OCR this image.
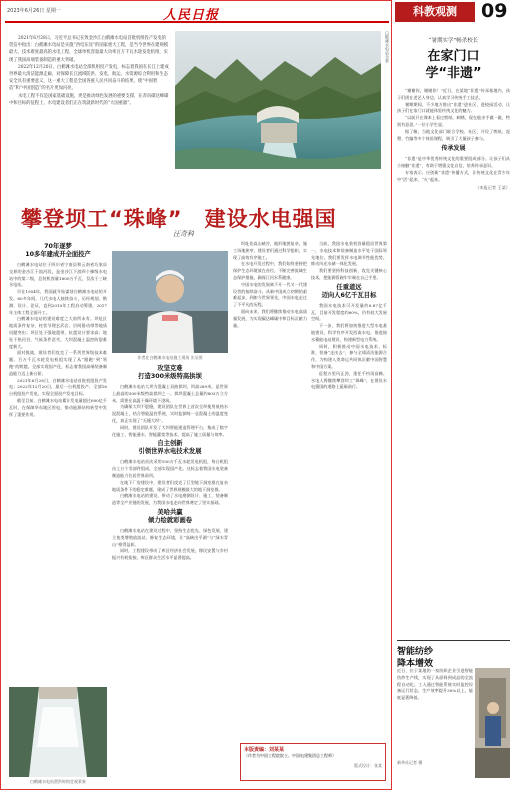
2023年6月26日 星期一	人民日报

2021年6月28日，习近平总书记在致金沙江白鹤滩水电站首批机组投产发电的贺信中指出：白鹤滩水电站是实施“西电东送”的国家重大工程，是当今世界在建规模最大、技术难度最高的水电工程，全球单机容量最大功率百万千瓦水轮发电机组，实现了我国高端装备制造的重大突破。

2022年12月20日，白鹤滩水电站全部机组投产发电，标志着我国在长江上建成世界最大清洁能源走廊，对保障长江流域防洪、发电、航运、水资源综合利用和生态安全具有重要意义，这一重大工程是全国各族人民共同奋斗的结果，使“中国智造”和“中国创造”的名片更加闪亮。

水电工程不仅是国家基础设施，更是推动绿色发展的重要支撑，在奔向碳达峰碳中和目标的征程上，水电建设者们正在筑就新时代的“大国重器”。

白鹤滩水电站全景
攀登坝工“珠峰”　建设水电强国
汪奇科
70年逐梦
10多年建成开全面投产

白鹤滩水电站位于四川省宁南县和云南省巧家县交界的金沙江干流河段，是金沙江下游四个梯级水电站中的第二级，总装机容量1600万千瓦，仅次于三峡水电站。

早在1954年，我国就开始谋划白鹤滩水电站的开发。60多年间，几代水电人接续奋斗，历经规划、勘测、设计、论证，直到2010年工程启动筹建，2017年主体工程全面开工。

白鹤滩水电站的建设难度之大前所未有。坝址区地质条件复杂，柱状节理玄武岩、层间错动带等地质问题突出；坝区处于强地震带，抗震设计要求高；地处干热河谷，气候条件恶劣，大坝混凝土温控防裂难度极大。

面对挑战，建设者们攻克了一系列世界级技术难题。百万千瓦水轮发电机组实现了从“跟跑”到“领跑”的跨越，全部实现国产化，标志着我国高端装备制造能力迈上新台阶。

2021年6月28日，白鹤滩水电站首批机组投产发电；2022年12月20日，最后一台机组投产，全部16台机组投产发电，实现全面投产发电目标。

截至目前，白鹤滩水电站累计发电量超过600亿千瓦时，在保障华东地区用电、推动能源结构转型中发挥了重要作用。

作者在白鹤滩水电站施工现场 张某摄
攻坚克难
打造300米级特高拱坝

白鹤滩水电站大坝为混凝土双曲拱坝，坝高289米，是世界上最高的300米级特高拱坝之一。拱坝混凝土总量约803万立方米，需要在高温干燥环境下浇筑。

为确保大坝不裂缝，建设团队在世界上首次全坝使用低热水泥混凝土，结合智能温控系统，实时监测每一仓混凝土的温度变化，真正实现了“无缝大坝”。

同时，建设团队开发了大坝智能建造管理平台，集成了数字化施工、智能通水、智能灌浆等技术，提高了施工质量与效率。

自主创新
引领世界水电技术发展

白鹤滩水电站首次采用100万千瓦水轮发电机组，每台机组由上万个零部件组成，全部实现国产化。这标志着我国水电装备制造能力位居世界前列。

在地下厂房建设中，建设者们攻克了巨型地下洞室群在复杂地质条件下的稳定难题，建成了世界规模最大的地下洞室群。

白鹤滩水电站的建设，带动了水电勘测设计、施工、装备制造等全产业链的发展，为我国水电走向世界奠定了坚实基础。

美哈共赢
倾力绘就彩画卷

白鹤滩水电站在建设过程中，坚持生态优先、绿色发展，建立鱼类增殖放流站，修复生态环境，让“高峡出平湖”与“绿水青山”相得益彰。

同时，工程建设带动了库区经济社会发展，移民安置与乡村振兴有机衔接，库区群众生活水平显著提高。

坝址处高山峡谷，地形地貌复杂，施工场地狭窄，建设者们通过科学组织，实现了高效有序施工。

在水电开发过程中，我们始终坚持把保护生态环境放在首位，不断完善流域生态保护措施，确保江河水系健康。

中国水电的发展离不开一代又一代建设者的接续奋斗。从新中国成立初期的艰难起步，到如今世界领先，中国水电走过了不平凡的历程。

面向未来，我们将继续推动水电高质量发展，为实现碳达峰碳中和目标贡献力量。

当前，我国水电装机容量稳居世界第一，水电技术和装备制造水平处于国际领先地位。我们要发挥水电调节性能优势，推动风光水储一体化发展。

我们要坚持科技创新，攻克关键核心技术，把能源饭碗牢牢端在自己手里。

任重道远
迈向人6亿千瓦目标

我国水电技术可开发量约6.87亿千瓦，目前开发程度约60%，仍有较大发展空间。

下一步，我们将加快推进大型水电基地建设，科学有序开发西南水电，推进抽水蓄能电站建设，构建新型电力系统。

同时，积极推动中国水电技术、标准、装备“走出去”，参与全球清洁能源合作，为构建人类命运共同体贡献中国智慧和中国方案。

征程万里风正劲，重任千钧再奋蹄。水电人将继续攀登坝工“珠峰”，在建设水电强国的道路上砥砺前行。

白鹤滩水电站泄洪时的壮观景象
本版责编：刘某某
（作者为中国工程院院士、中国电建集团总工程师）
版式设计：张某
科教观测	09
“暑期实学”畅杀校长
在家门口
学“非遗”

“谢谢你，谢谢你！”近日，在某地“非遗”传承基地内，孩子们围在老艺人身边，认真学习传统手工技艺。

暑期期间，不少地方推出“非遗”进社区、进校园活动，让孩子们在家门口就能体验传统文化的魅力。

“以前只在课本上看过剪纸、刺绣，现在能亲手做一做，特别有意思。”一位小学生说。

据了解，当地文化部门联合学校、社区，开设了剪纸、泥塑、竹编等多个体验课程，吸引了大量孩子参与。

传承发展

“非遗”是中华优秀传统文化的重要组成部分。让孩子们从小接触“非遗”，有助于增强文化自信，培养传承意识。

专家表示，应创新“非遗”传播方式，让传统文化在青少年中“活”起来、“火”起来。

（本报记者 王某）
智能纺纱
降本增效
近日，位于某地的一家纺织企业引进智能纺纱生产线，实现了从原料到成品的全流程自动化。工人通过智能系统实时监控设备运行状态，生产效率提升30%以上，能耗显著降低。
新华社记者 摄
